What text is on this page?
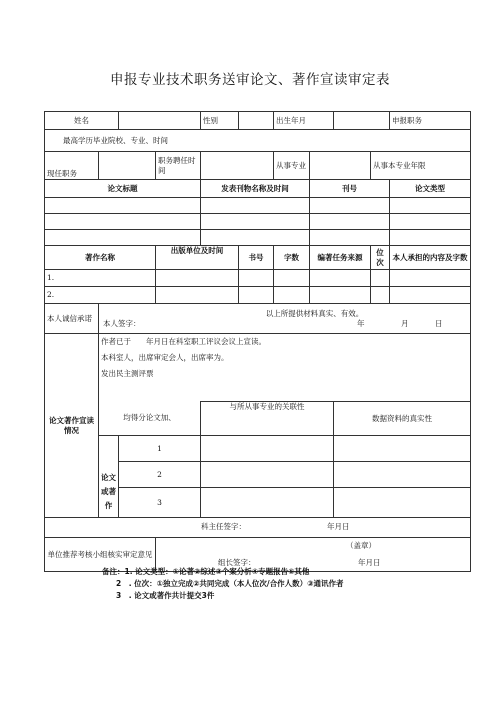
申报专业技术职务送审论文、著作宣读审定表
姓名				性别		出生年月				申报职务
最高学历毕业院校、专业、时间										
现任职务			职务聘任时间			从事专业			从事本专业年限	
论文标题				发表刊物名称及时间			刊号			论文类型

著作名称			出版单位及时间		书号	字数	编著任务来源		位次	本人承担的内容及字数
1.										
2.										
本人诚信承诺	以上所提供材料真实、有效。
本人签字： 年 月 日									

论文著作宣读情况	作者已于　　年月日在科室职工评议会议上宣读。
本科室人，出席审定会人，出席率为。
发出民主测评票									

	均得分论文加、			与所从事专业的关联性				数据资料的真实性		

	论文或著作	1								
		2								
		3								

科主任签字： 年月日										

单位推荐考核小组核实审定意见			（盖章）
组长签字： 年月日							
备注：1. 论文类型：①论著②综述③个案分析④专题报告⑤其他
2　. 位次：①独立完成②共同完成（本人位次/合作人数）③通讯作者
3　. 论文或著作共计提交3件
